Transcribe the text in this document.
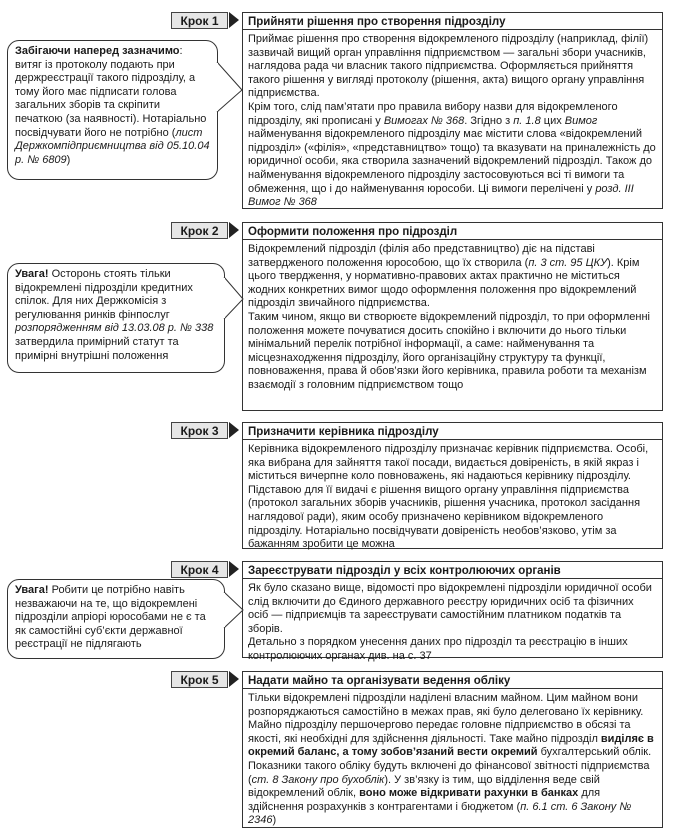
Крок 1	Прийняти рішення про створення підрозділу

Приймає рішення про створення відокремленого підрозділу (наприклад, філії) зазвичай вищий орган управління підприємством — загальні збори учасників, наглядова рада чи власник такого підприємства. Оформляється прийняття такого рішення у вигляді протоколу (рішення, акта) вищого органу управління підприємства.

Крім того, слід пам’ятати про правила вибору назви для відокремленого підрозділу, які прописані у Вимогах № 368. Згідно з п. 1.8 цих Вимог найменування відокремленого підрозділу має містити слова «відокремлений підрозділ» («філія», «представництво» тощо) та вказувати на приналежність до юридичної особи, яка створила зазначений відокремлений підрозділ. Також до найменування відокремленого підрозділу застосовуються всі ті вимоги та обмеження, що і до найменування юрособи. Ці вимоги перелічені у розд. III Вимог № 368

Забігаючи наперед зазначимо: витяг із протоколу подають при держреєстрації такого підрозділу, а тому його має підписати голова загальних зборів та скріпити печаткою (за наявності). Нотаріально посвідчувати його не потрібно (лист Держкомпідприємництва від 05.10.04 р. № 6809)

Крок 2	Оформити положення про підрозділ

Відокремлений підрозділ (філія або представництво) діє на підставі затвердженого положення юрособою, що їх створила (п. 3 ст. 95 ЦКУ). Крім цього твердження, у нормативно-правових актах практично не міститься жодних конкретних вимог щодо оформлення положення про відокремлений підрозділ звичайного підприємства.

Таким чином, якщо ви створюєте відокремлений підрозділ, то при оформленні положення можете почуватися досить спокійно і включити до нього тільки мінімальний перелік потрібної інформації, а саме: найменування та місцезнаходження підрозділу, його організаційну структуру та функції, повноваження, права й обов’язки його керівника, правила роботи та механізм взаємодії з головним підприємством тощо

Увага! Осторонь стоять тільки відокремлені підрозділи кредитних спілок. Для них Держкомісія з регулювання ринків фінпослуг розпорядженням від 13.03.08 р. № 338 затвердила примірний статут та примірні внутрішні положення

Крок 3	Призначити керівника підрозділу

Керівника відокремленого підрозділу призначає керівник підприємства. Особі, яка вибрана для зайняття такої посади, видається довіреність, в якій якраз і міститься вичерпне коло повноважень, які надаються керівнику підрозділу. Підставою для її видачі є рішення вищого органу управління підприємства (протокол загальних зборів учасників, рішення учасника, протокол засідання наглядової ради), яким особу призначено керівником відокремленого підрозділу. Нотаріально посвідчувати довіреність необов’язково, утім за бажанням зробити це можна

Крок 4	Зареєструвати підрозділ у всіх контролюючих органів

Як було сказано вище, відомості про відокремлені підрозділи юридичної особи слід включити до Єдиного державного реєстру юридичних осіб та фізичних осіб — підприємців та зареєструвати самостійним платником податків та зборів.

Детально з порядком унесення даних про підрозділ та реєстрацію в інших контролюючих органах див. на с. 37

Увага! Робити це потрібно навіть незважаючи на те, що відокремлені підрозділи апріорі юрособами не є та як самостійні суб’єкти державної реєстрації не підлягають

Крок 5	Надати майно та організувати ведення обліку

Тільки відокремлені підрозділи наділені власним майном. Цим майном вони розпоряджаються самостійно в межах прав, які було делеговано їх керівнику.

Майно підрозділу першочергово передає головне підприємство в обсязі та якості, які необхідні для здійснення діяльності. Таке майно підрозділ виділяє в окремий баланс, а тому зобов’язаний вести окремий бухгалтерський облік. Показники такого обліку будуть включені до фінансової звітності підприємства (ст. 8 Закону про бухоблік). У зв’язку із тим, що відділення веде свій відокремлений облік, воно може відкривати рахунки в банках для здійснення розрахунків з контрагентами і бюджетом (п. 6.1 ст. 6 Закону № 2346)
